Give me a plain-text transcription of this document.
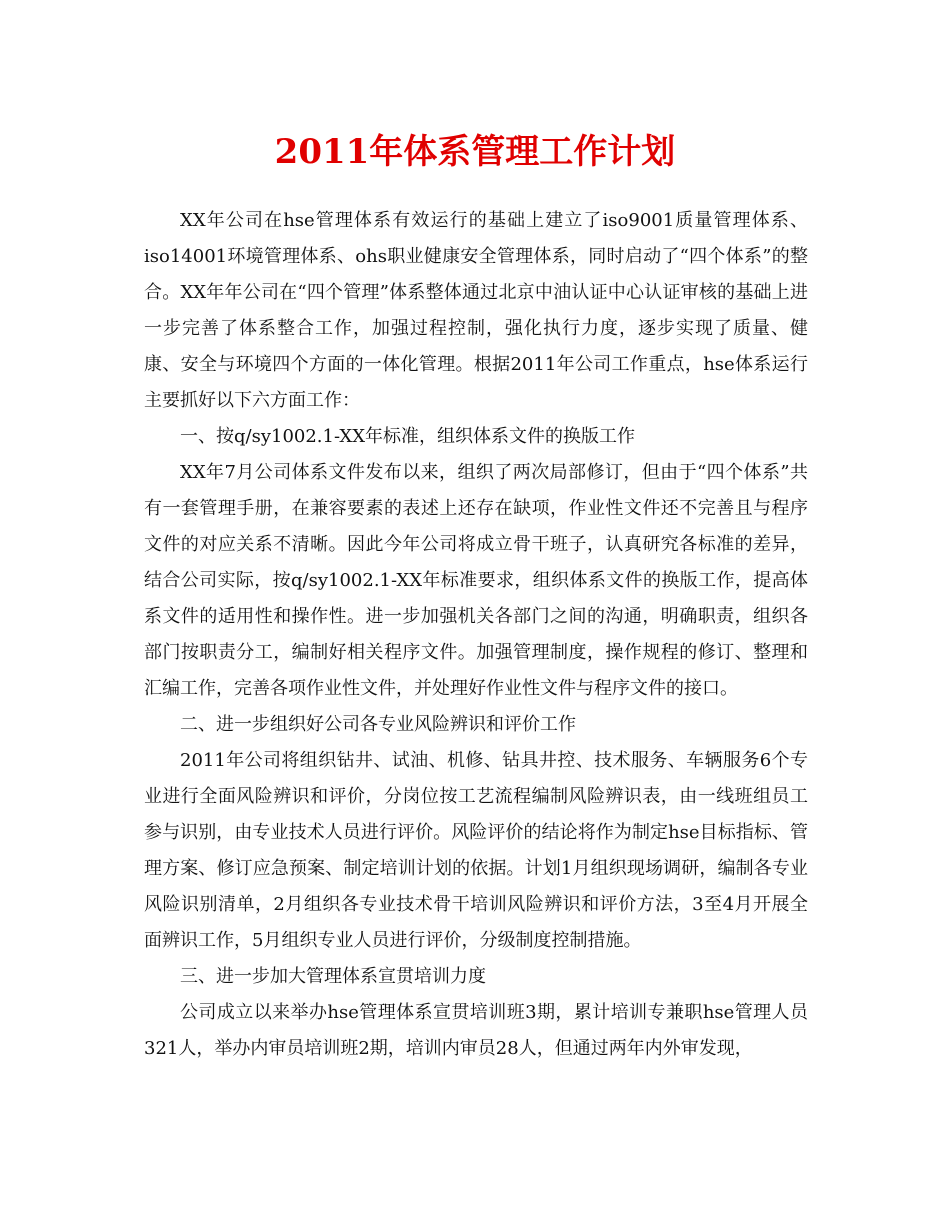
2011年体系管理工作计划

XX年公司在hse管理体系有效运行的基础上建立了iso9001质量管理体系、iso14001环境管理体系、ohs职业健康安全管理体系，同时启动了“四个体系”的整合。XX年年公司在“四个管理”体系整体通过北京中油认证中心认证审核的基础上进一步完善了体系整合工作，加强过程控制，强化执行力度，逐步实现了质量、健康、安全与环境四个方面的一体化管理。根据2011年公司工作重点，hse体系运行主要抓好以下六方面工作：

一、按q/sy1002.1-XX年标准，组织体系文件的换版工作

XX年7月公司体系文件发布以来，组织了两次局部修订，但由于“四个体系”共有一套管理手册，在兼容要素的表述上还存在缺项，作业性文件还不完善且与程序文件的对应关系不清晰。因此今年公司将成立骨干班子，认真研究各标准的差异，结合公司实际，按q/sy1002.1-XX年标准要求，组织体系文件的换版工作，提高体系文件的适用性和操作性。进一步加强机关各部门之间的沟通，明确职责，组织各部门按职责分工，编制好相关程序文件。加强管理制度，操作规程的修订、整理和汇编工作，完善各项作业性文件，并处理好作业性文件与程序文件的接口。

二、进一步组织好公司各专业风险辨识和评价工作

2011年公司将组织钻井、试油、机修、钻具井控、技术服务、车辆服务6个专业进行全面风险辨识和评价，分岗位按工艺流程编制风险辨识表，由一线班组员工参与识别，由专业技术人员进行评价。风险评价的结论将作为制定hse目标指标、管理方案、修订应急预案、制定培训计划的依据。计划1月组织现场调研，编制各专业风险识别清单，2月组织各专业技术骨干培训风险辨识和评价方法，3至4月开展全面辨识工作，5月组织专业人员进行评价，分级制度控制措施。

三、进一步加大管理体系宣贯培训力度

公司成立以来举办hse管理体系宣贯培训班3期，累计培训专兼职hse管理人员321人，举办内审员培训班2期，培训内审员28人，但通过两年内外审发现，
